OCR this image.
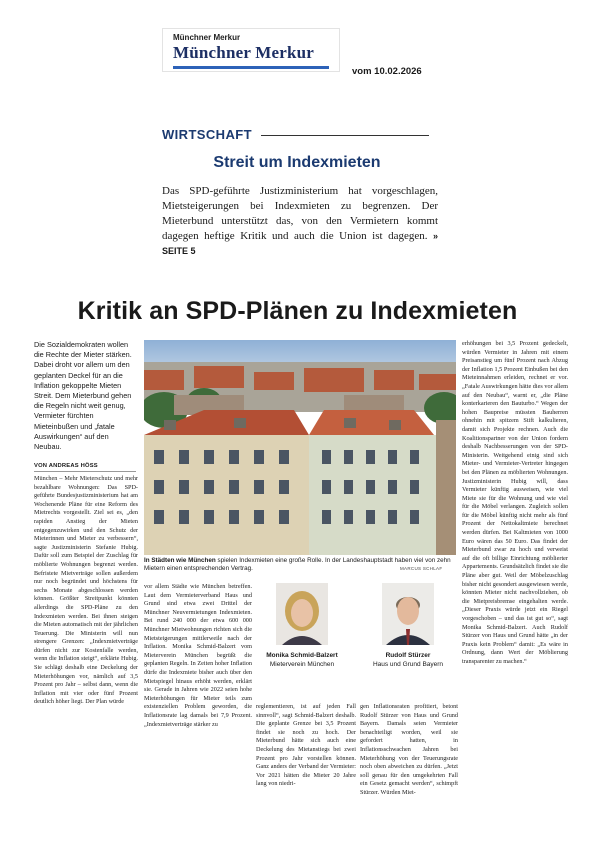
Münchner Merkur
Münchner Merkur
vom 10.02.2026
WIRTSCHAFT
Streit um Indexmieten
Das SPD-geführte Justizministerium hat vorgeschlagen, Mietsteigerungen bei Indexmieten zu begrenzen. Der Mieterbund unterstützt das, von den Vermietern kommt dagegen heftige Kritik und auch die Union ist dagegen. » SEITE 5
Kritik an SPD-Plänen zu Indexmieten
Die Sozialdemokraten wollen die Rechte der Mieter stärken. Dabei droht vor allem um den geplanten Deckel für an die Inflation gekoppelte Mieten Streit. Dem Mieterbund gehen die Regeln nicht weit genug, Vermieter fürchten Mieteinbußen und „fatale Auswirkungen“ auf den Neubau.
VON ANDREAS HÖSS
München – Mehr Mieterschutz und mehr bezahlbare Wohnungen: Das SPD-geführte Bundesjustizministerium hat am Wochenende Pläne für eine Reform des Mietrechts vorgestellt. Ziel sei es, „den rapiden Anstieg der Mieten entgegenzuwirken und den Schutz der Mieterinnen und Mieter zu verbessern“, sagte Justizministerin Stefanie Hubig. Dafür soll zum Beispiel der Zuschlag für möblierte Wohnungen begrenzt werden. Befristete Mietverträge sollen außerdem nur noch begründet und höchstens für sechs Monate abgeschlossen werden können. Größter Streitpunkt könnten allerdings die SPD-Pläne zu den Indexmieten werden. Bei ihnen steigen die Mieten automatisch mit der jährlichen Teuerung. Die Ministerin will nun strengere Grenzen: „Indexmietverträge dürfen nicht zur Kostenfalle werden, wenn die Inflation steigt“, erklärte Hubig. Sie schlägt deshalb eine Deckelung der Mieterhöhungen vor, nämlich auf 3,5 Prozent pro Jahr – selbst dann, wenn die Inflation mit vier oder fünf Prozent deutlich höher liegt. Der Plan würde
vor allem Städte wie München betreffen. Laut dem Vermieterverband Haus und Grund sind etwa zwei Drittel der Münchner Neuvermietungen Indexmieten. Bei rund 240 000 der etwa 600 000 Münchner Mietwohnungen richten sich die Mietsteigerungen mittlerweile nach der Inflation. Monika Schmid-Balzert vom Mieterverein München begrüßt die geplanten Regeln. In Zeiten hoher Inflation dürfe die Indexmiete bisher auch über den Mietspiegel hinaus erhöht werden, erklärt sie. Gerade in Jahren wie 2022 seien hohe Mieterhöhungen für Mieter teils zum existenziellen Problem geworden, die Inflationsrate lag damals bei 7,9 Prozent. „Indexmietverträge stärker zu
reglementieren, ist auf jeden Fall sinnvoll“, sagt Schmid-Balzert deshalb. Die geplante Grenze bei 3,5 Prozent findet sie noch zu hoch. Der Mieterbund hätte sich auch eine Deckelung des Mietanstiegs bei zwei Prozent pro Jahr vorstellen können. Ganz anders der Verband der Vermieter: Vor 2021 hätten die Mieter 20 Jahre lang von niedri-
gen Inflationsraten profitiert, betont Rudolf Stürzer von Haus und Grund Bayern. Damals seien Vermieter benachteiligt worden, weil sie gefordert hatten, in Inflationsschwachen Jahren bei Mieterhöhung von der Teuerungsrate noch oben abweichen zu dürfen. „Jetzt soll genau für den umgekehrten Fall ein Gesetz gemacht werden“, schimpft Stürzer. Würden Miet-
erhöhungen bei 3,5 Prozent gedeckelt, würden Vermieter in Jahren mit einem Preisanstieg um fünf Prozent nach Abzug der Inflation 1,5 Prozent Einbußen bei den Mieteinnahmen erleiden, rechnet er vor. „Fatale Auswirkungen hätte dies vor allem auf den Neubau“, warnt er, „die Pläne konterkarieren den Bauturbo.“ Wegen der hohen Baupreise müssten Bauherren ohnehin mit spitzem Stift kalkulieren, damit sich Projekte rechnen. Auch die Koalitionspartner von der Union fordern deshalb Nachbesserungen von der SPD-Ministerin. Weitgehend einig sind sich Mieter- und Vermieter-Vertreter hingegen bei den Plänen zu möblierten Wohnungen. Justizministerin Hubig will, dass Vermieter künftig ausweisen, wie viel Miete sie für die Wohnung und wie viel für die Möbel verlangen. Zugleich sollen für die Möbel künftig nicht mehr als fünf Prozent der Nettokaltmiete berechnet werden dürfen. Bei Kaltmieten von 1000 Euro wären das 50 Euro. Das findet der Mieterbund zwar zu hoch und verweist auf die oft billige Einrichtung möblierter Appartements. Grundsätzlich findet sie die Pläne aber gut. Weil der Möbelzuschlag bisher nicht gesondert ausgewiesen werde, könnten Mieter nicht nachvollziehen, ob die Mietpreisbremse eingehalten werde. „Dieser Praxis würde jetzt ein Riegel vorgeschoben – und das ist gut so“, sagt Monika Schmid-Balzert. Auch Rudolf Stürzer von Haus und Grund hätte „in der Praxis kein Problem“ damit: „Es wäre in Ordnung, dann Wert der Möblierung transparenter zu machen.“
In Städten wie München spielen Indexmieten eine große Rolle. In der Landeshauptstadt haben viel von zehn Mietern einen entsprechenden Vertrag.	MARCUS SCHLAF
Monika Schmid-Balzert
Mieterverein München
Rudolf Stürzer
Haus und Grund Bayern
